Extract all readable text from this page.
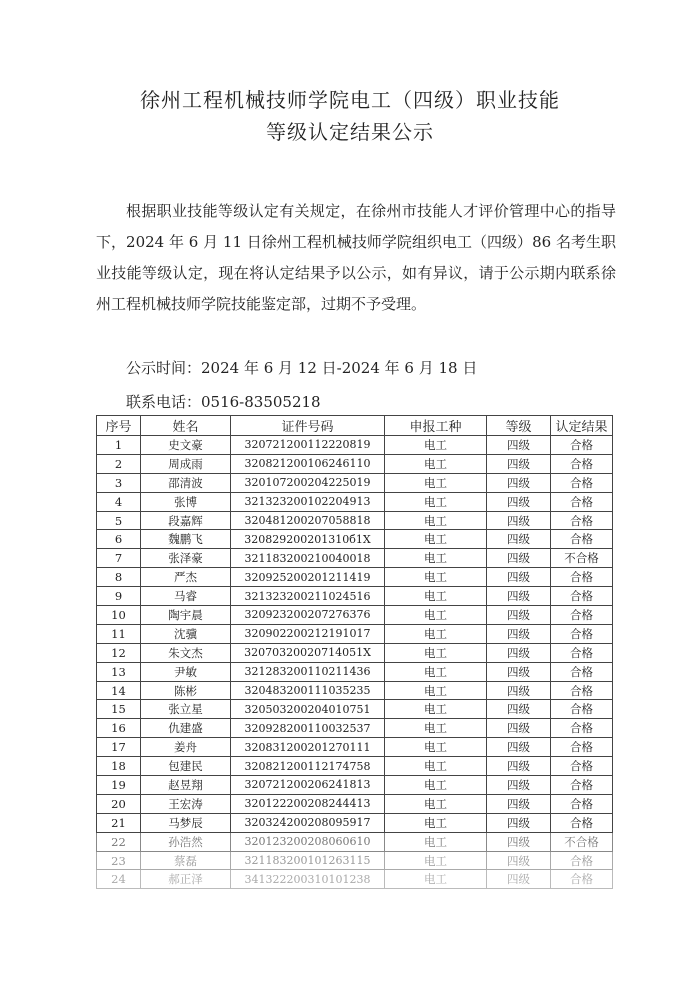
徐州工程机械技师学院电工（四级）职业技能
等级认定结果公示
根据职业技能等级认定有关规定，在徐州市技能人才评价管理中心的指导下，2024 年 6 月 11 日徐州工程机械技师学院组织电工（四级）86 名考生职业技能等级认定，现在将认定结果予以公示，如有异议，请于公示期内联系徐州工程机械技师学院技能鉴定部，过期不予受理。
公示时间：2024 年 6 月 12 日-2024 年 6 月 18 日
联系电话：0516-83505218
序号	姓名	证件号码	申报工种	等级	认定结果
1	史文豪	320721200112220819	电工	四级	合格
2	周成雨	320821200106246110	电工	四级	合格
3	邵清波	320107200204225019	电工	四级	合格
4	张博	321323200102204913	电工	四级	合格
5	段嘉辉	320481200207058818	电工	四级	合格
6	魏鹏飞	320829200201310б1X	电工	四级	合格
7	张泽豪	321183200210040018	电工	四级	不合格
8	严杰	320925200201211419	电工	四级	合格
9	马睿	321323200211024516	电工	四级	合格
10	陶宇晨	320923200207276376	电工	四级	合格
11	沈骥	320902200212191017	电工	四级	合格
12	朱文杰	32070320020714051X	电工	四级	合格
13	尹敏	321283200110211436	电工	四级	合格
14	陈彬	320483200111035235	电工	四级	合格
15	张立星	320503200204010751	电工	四级	合格
16	仇建盛	320928200110032537	电工	四级	合格
17	姜舟	320831200201270111	电工	四级	合格
18	包建民	320821200112174758	电工	四级	合格
19	赵昱翔	320721200206241813	电工	四级	合格
20	王宏涛	320122200208244413	电工	四级	合格
21	马梦辰	320324200208095917	电工	四级	合格
22	孙浩然	320123200208060610	电工	四级	不合格
23	蔡磊	321183200101263115	电工	四级	合格
24	郝正泽	341322200310101238	电工	四级	合格
